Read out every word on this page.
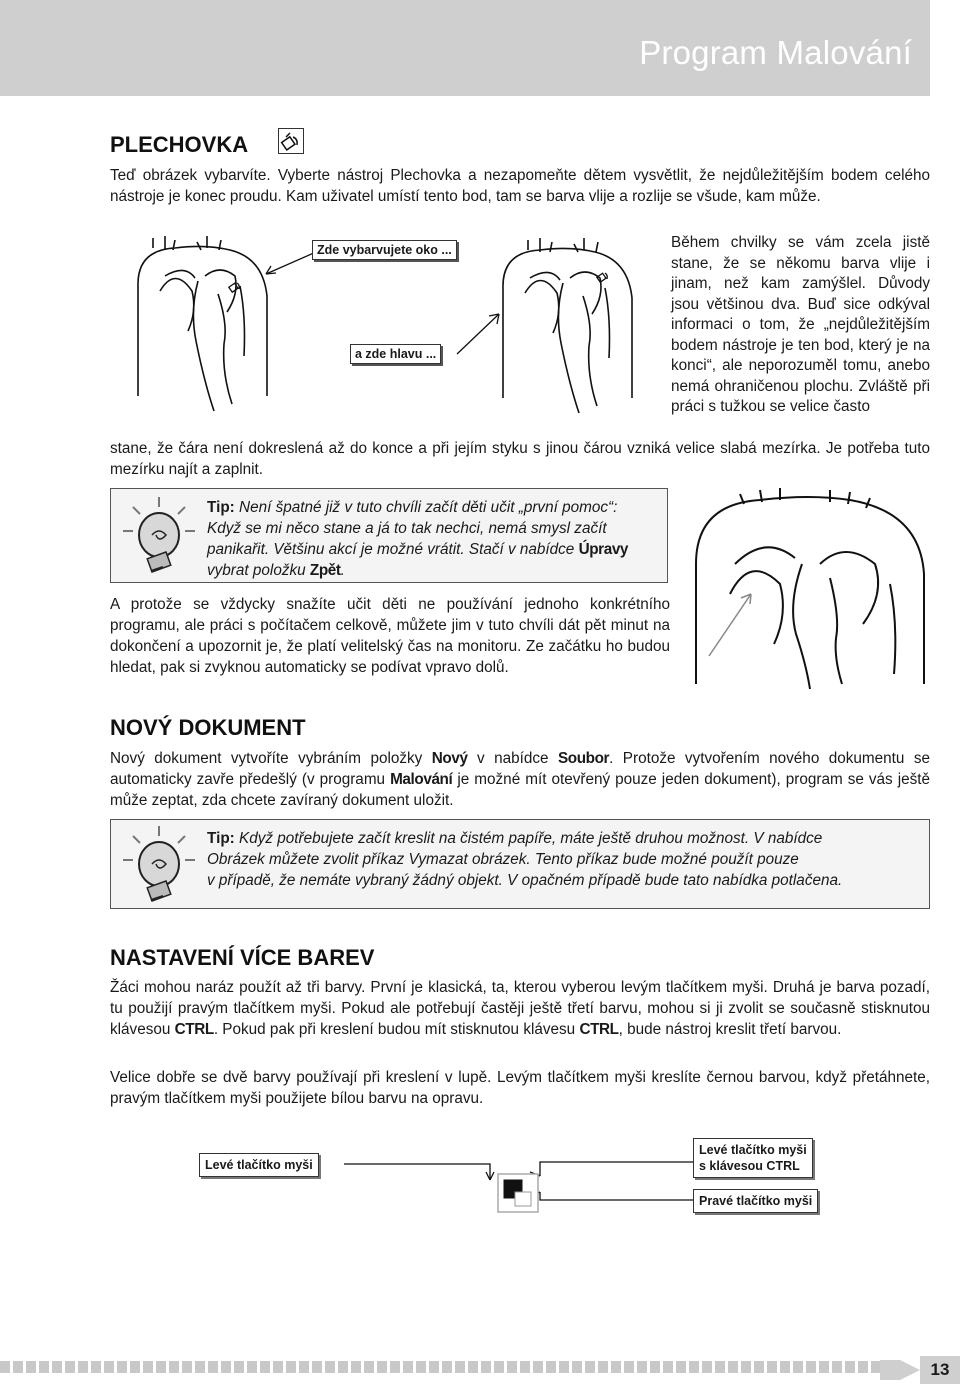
Program Malování
PLECHOVKA

Teď obrázek vybarvíte. Vyberte nástroj Plechovka a nezapomeňte dětem vysvětlit, že nejdůležitějším bodem celého nástroje je konec proudu. Kam uživatel umístí tento bod, tam se barva vlije a rozlije se všude, kam může.

Zde vybarvujete oko ...
a zde hlavu ...

Během chvilky se vám zcela jistě stane, že se někomu barva vlije i jinam, než kam zamýšlel. Důvody jsou většinou dva. Buď sice odkýval informaci o tom, že „nejdůležitějším bodem nástroje je ten bod, který je na konci“, ale neporozuměl tomu, anebo nemá ohraničenou plochu. Zvláště při práci s tužkou se velice často

stane, že čára není dokreslená až do konce a při jejím styku s jinou čárou vzniká velice slabá mezírka. Je potřeba tuto mezírku najít a zaplnit.

Tip: Není špatné již v tuto chvíli začít děti učit „první pomoc“:
Když se mi něco stane a já to tak nechci, nemá smysl začít
panikařit. Většinu akcí je možné vrátit. Stačí v nabídce Úpravy
vybrat položku Zpět.

A protože se vždycky snažíte učit děti ne používání jednoho konkrétního programu, ale práci s počítačem celkově, můžete jim v tuto chvíli dát pět minut na dokončení a upozornit je, že platí velitelský čas na monitoru. Ze začátku ho budou hledat, pak si zvyknou automaticky se podívat vpravo dolů.

NOVÝ DOKUMENT

Nový dokument vytvoříte vybráním položky Nový v nabídce Soubor. Protože vytvořením nového dokumentu se automaticky zavře předešlý (v programu Malování je možné mít otevřený pouze jeden dokument), program se vás ještě může zeptat, zda chcete zavíraný dokument uložit.

Tip: Když potřebujete začít kreslit na čistém papíře, máte ještě druhou možnost. V nabídce
Obrázek můžete zvolit příkaz Vymazat obrázek. Tento příkaz bude možné použít pouze
v případě, že nemáte vybraný žádný objekt. V opačném případě bude tato nabídka potlačena.
NASTAVENÍ VÍCE BAREV

Žáci mohou naráz použít až tři barvy. První je klasická, ta, kterou vyberou levým tlačítkem myši. Druhá je barva pozadí, tu použijí pravým tlačítkem myši. Pokud ale potřebují častěji ještě třetí barvu, mohou si ji zvolit se současně stisknutou klávesou CTRL. Pokud pak při kreslení budou mít stisknutou klávesu CTRL, bude nástroj kreslit třetí barvou.

Velice dobře se dvě barvy používají při kreslení v lupě. Levým tlačítkem myši kreslíte černou barvou, když přetáhnete, pravým tlačítkem myši použijete bílou barvu na opravu.

Levé tlačítko myši
Levé tlačítko myši
s klávesou CTRL
Pravé tlačítko myši
13
